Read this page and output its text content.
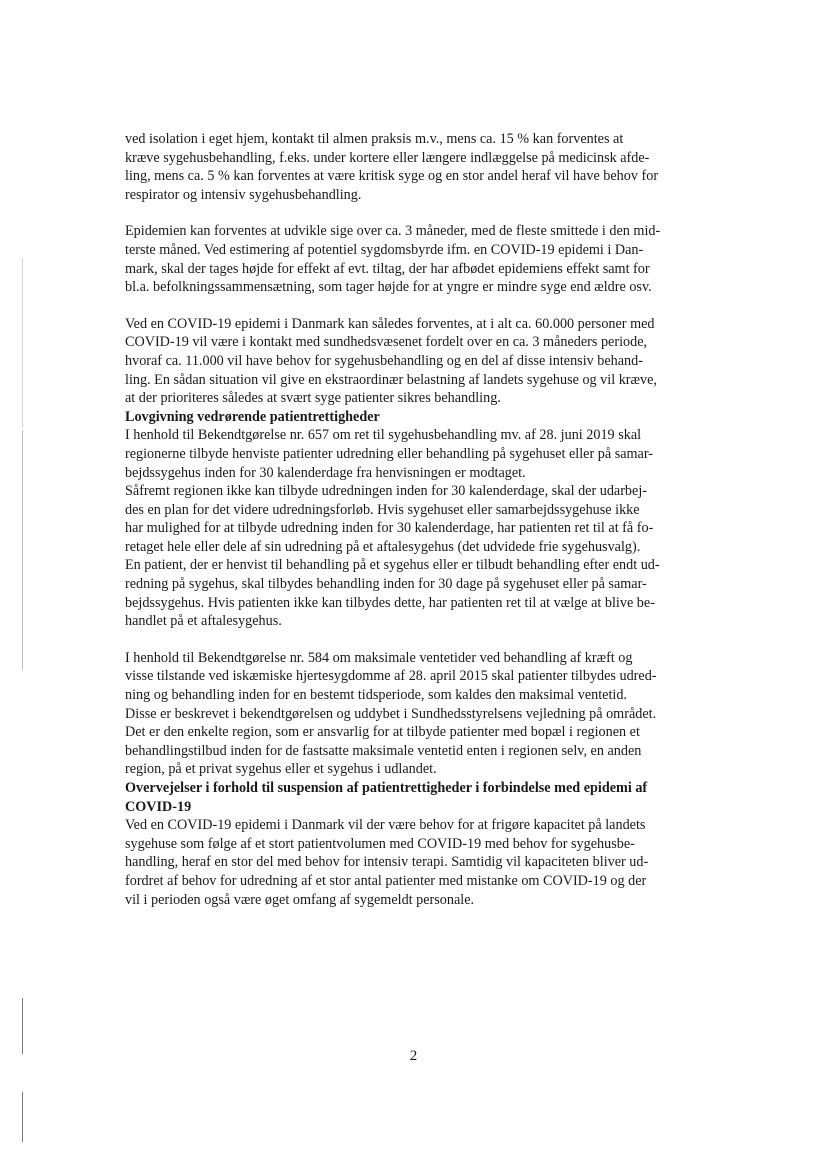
ved isolation i eget hjem, kontakt til almen praksis m.v., mens ca. 15 % kan forventes at
kræve sygehusbehandling, f.eks. under kortere eller længere indlæggelse på medicinsk afde-
ling, mens ca. 5 % kan forventes at være kritisk syge og en stor andel heraf vil have behov for
respirator og intensiv sygehusbehandling.
Epidemien kan forventes at udvikle sige over ca. 3 måneder, med de fleste smittede i den mid-
terste måned. Ved estimering af potentiel sygdomsbyrde ifm. en COVID-19 epidemi i Dan-
mark, skal der tages højde for effekt af evt. tiltag, der har afbødet epidemiens effekt samt for
bl.a. befolkningssammensætning, som tager højde for at yngre er mindre syge end ældre osv.
Ved en COVID-19 epidemi i Danmark kan således forventes, at i alt ca. 60.000 personer med
COVID-19 vil være i kontakt med sundhedsvæsenet fordelt over en ca. 3 måneders periode,
hvoraf ca. 11.000 vil have behov for sygehusbehandling og en del af disse intensiv behand-
ling. En sådan situation vil give en ekstraordinær belastning af landets sygehuse og vil kræve,
at der prioriteres således at svært syge patienter sikres behandling.
Lovgivning vedrørende patientrettigheder
I henhold til Bekendtgørelse nr. 657 om ret til sygehusbehandling mv. af 28. juni 2019 skal
regionerne tilbyde henviste patienter udredning eller behandling på sygehuset eller på samar-
bejdssygehus inden for 30 kalenderdage fra henvisningen er modtaget.
Såfremt regionen ikke kan tilbyde udredningen inden for 30 kalenderdage, skal der udarbej-
des en plan for det videre udredningsforløb. Hvis sygehuset eller samarbejdssygehuse ikke
har mulighed for at tilbyde udredning inden for 30 kalenderdage, har patienten ret til at få fo-
retaget hele eller dele af sin udredning på et aftalesygehus (det udvidede frie sygehusvalg).
En patient, der er henvist til behandling på et sygehus eller er tilbudt behandling efter endt ud-
redning på sygehus, skal tilbydes behandling inden for 30 dage på sygehuset eller på samar-
bejdssygehus. Hvis patienten ikke kan tilbydes dette, har patienten ret til at vælge at blive be-
handlet på et aftalesygehus.
I henhold til Bekendtgørelse nr. 584 om maksimale ventetider ved behandling af kræft og
visse tilstande ved iskæmiske hjertesygdomme af 28. april 2015 skal patienter tilbydes udred-
ning og behandling inden for en bestemt tidsperiode, som kaldes den maksimal ventetid.
Disse er beskrevet i bekendtgørelsen og uddybet i Sundhedsstyrelsens vejledning på området.
Det er den enkelte region, som er ansvarlig for at tilbyde patienter med bopæl i regionen et
behandlingstilbud inden for de fastsatte maksimale ventetid enten i regionen selv, en anden
region, på et privat sygehus eller et sygehus i udlandet.
Overvejelser i forhold til suspension af patientrettigheder i forbindelse med epidemi af
COVID-19
Ved en COVID-19 epidemi i Danmark vil der være behov for at frigøre kapacitet på landets
sygehuse som følge af et stort patientvolumen med COVID-19 med behov for sygehusbe-
handling, heraf en stor del med behov for intensiv terapi. Samtidig vil kapaciteten bliver ud-
fordret af behov for udredning af et stor antal patienter med mistanke om COVID-19 og der
vil i perioden også være øget omfang af sygemeldt personale.
2
